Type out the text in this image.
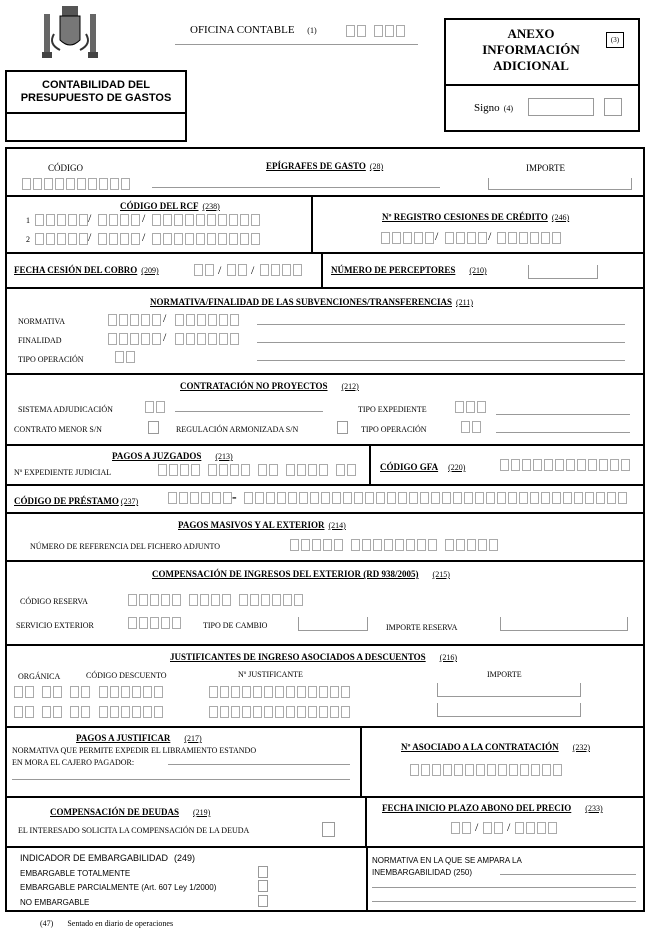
OFICINA CONTABLE (1)
CONTABILIDAD DEL PRESUPUESTO DE GASTOS
ANEXO INFORMACIÓN ADICIONAL
(3)
Signo (4)
CÓDIGO	EPÍGRAFES DE GASTO (28)	IMPORTE
CÓDIGO DEL RCF (238)
1	/	/
2	/	/
Nº REGISTRO CESIONES DE CRÉDITO (246)
/	/
FECHA CESIÓN DEL COBRO (209)	/ /	NÚMERO DE PERCEPTORES (210)
NORMATIVA/FINALIDAD DE LAS SUBVENCIONES/TRANSFERENCIAS (211)
NORMATIVA	/
FINALIDAD	/
TIPO OPERACIÓN
CONTRATACIÓN NO PROYECTOS (212)
SISTEMA ADJUDICACIÓN	TIPO EXPEDIENTE
CONTRATO MENOR S/N	REGULACIÓN ARMONIZADA S/N	TIPO OPERACIÓN
PAGOS A JUZGADOS (213)
Nº EXPEDIENTE JUDICIAL
CÓDIGO GFA (220)
CÓDIGO DE PRÉSTAMO (237)	-
PAGOS MASIVOS Y AL EXTERIOR (214)
NÚMERO DE REFERENCIA DEL FICHERO ADJUNTO
COMPENSACIÓN DE INGRESOS DEL EXTERIOR (RD 938/2005) (215)
CÓDIGO RESERVA
SERVICIO EXTERIOR	TIPO DE CAMBIO	IMPORTE RESERVA
JUSTIFICANTES DE INGRESO ASOCIADOS A DESCUENTOS (216)
ORGÁNICA	CÓDIGO DESCUENTO	Nº JUSTIFICANTE	IMPORTE
PAGOS A JUSTIFICAR (217)
NORMATIVA QUE PERMITE EXPEDIR EL LIBRAMIENTO ESTANDO
EN MORA EL CAJERO PAGADOR:
Nº ASOCIADO A LA CONTRATACIÓN (232)
COMPENSACIÓN DE DEUDAS (219)
EL INTERESADO SOLICITA LA COMPENSACIÓN DE LA DEUDA
FECHA INICIO PLAZO ABONO DEL PRECIO (233)
/ /
INDICADOR DE EMBARGABILIDAD (249)
EMBARGABLE TOTALMENTE
EMBARGABLE PARCIALMENTE (Art. 607 Ley 1/2000)
NO EMBARGABLE
NORMATIVA EN LA QUE SE AMPARA LA
INEMBARGABILIDAD (250)
(47) Sentado en diario de operaciones
